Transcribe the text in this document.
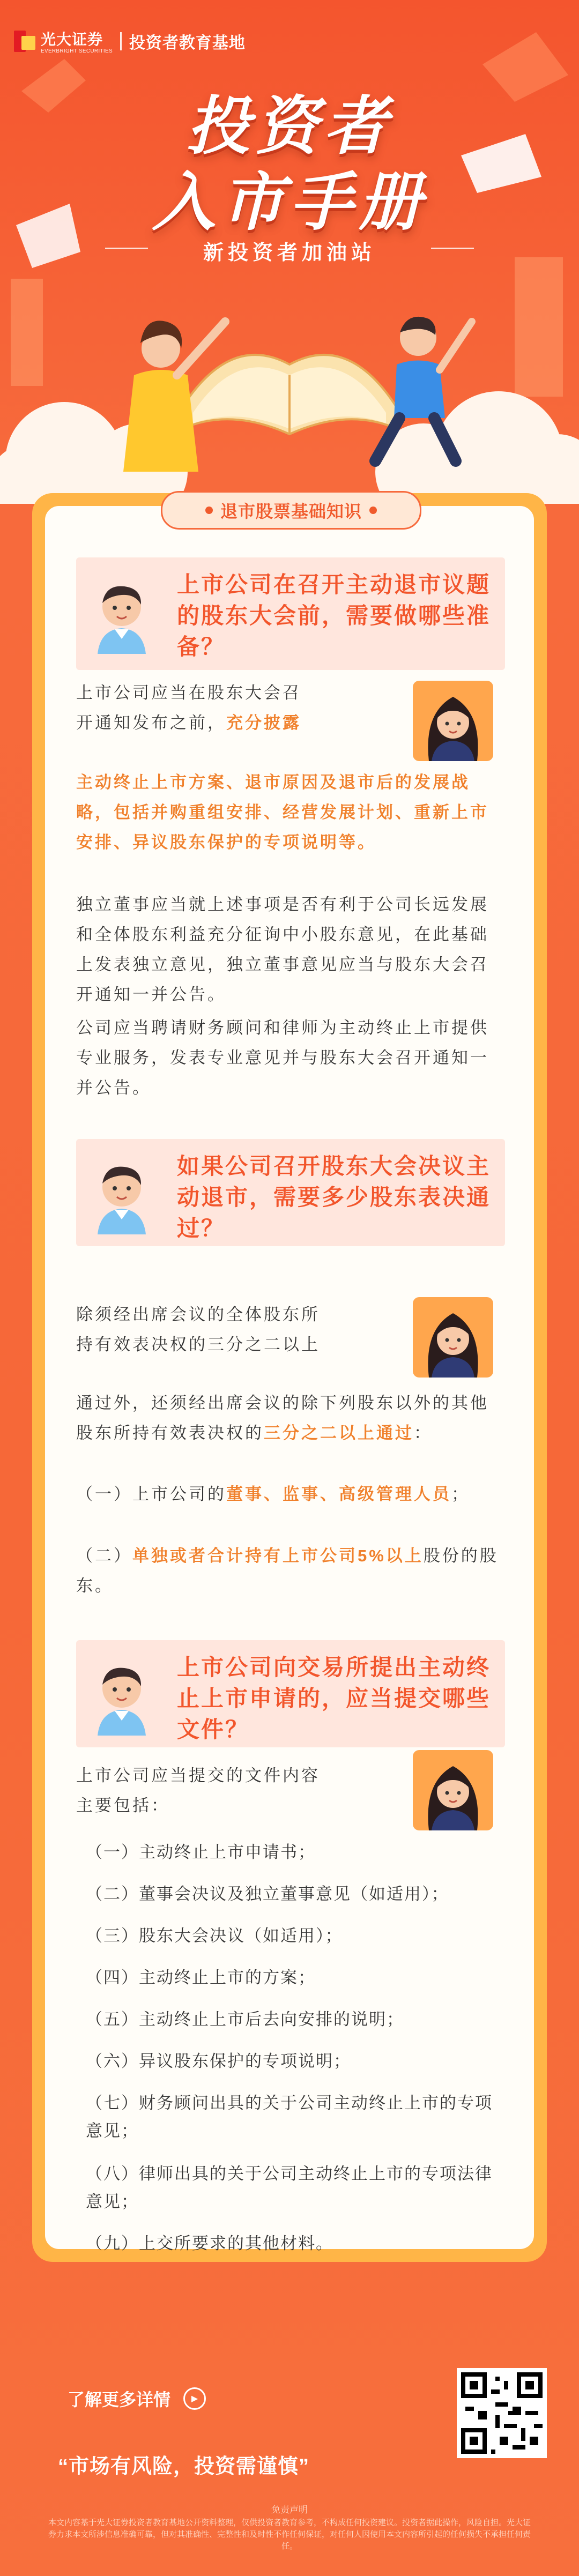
光大证券
EVERBRIGHT SECURITIES 投资者教育基地
投资者
入市手册
新投资者加油站
退市股票基础知识
上市公司在召开主动退市议题的股东大会前，需要做哪些准备？
上市公司应当在股东大会召
开通知发布之前，充分披露
主动终止上市方案、退市原因及退市后的发展战略，包括并购重组安排、经营发展计划、重新上市安排、异议股东保护的专项说明等。
独立董事应当就上述事项是否有利于公司长远发展和全体股东利益充分征询中小股东意见，在此基础上发表独立意见，独立董事意见应当与股东大会召开通知一并公告。
公司应当聘请财务顾问和律师为主动终止上市提供专业服务，发表专业意见并与股东大会召开通知一并公告。
如果公司召开股东大会决议主动退市，需要多少股东表决通过？
除须经出席会议的全体股东所
持有效表决权的三分之二以上
通过外，还须经出席会议的除下列股东以外的其他股东所持有效表决权的三分之二以上通过：
（一）上市公司的董事、监事、高级管理人员；
（二）单独或者合计持有上市公司5%以上股份的股东。
上市公司向交易所提出主动终止上市申请的，应当提交哪些文件？
上市公司应当提交的文件内容
主要包括：
（一）主动终止上市申请书；
（二）董事会决议及独立董事意见（如适用）；
（三）股东大会决议（如适用）；
（四）主动终止上市的方案；
（五）主动终止上市后去向安排的说明；
（六）异议股东保护的专项说明；
（七）财务顾问出具的关于公司主动终止上市的专项意见；
（八）律师出具的关于公司主动终止上市的专项法律意见；
（九）上交所要求的其他材料。
了解更多详情	▶
“市场有风险，投资需谨慎”
免责声明
本文内容基于光大证券投资者教育基地公开资料整理，仅供投资者教育参考，不构成任何投资建议。投资者据此操作，风险自担。光大证券力求本文所涉信息准确可靠，但对其准确性、完整性和及时性不作任何保证，对任何人因使用本文内容所引起的任何损失不承担任何责任。
